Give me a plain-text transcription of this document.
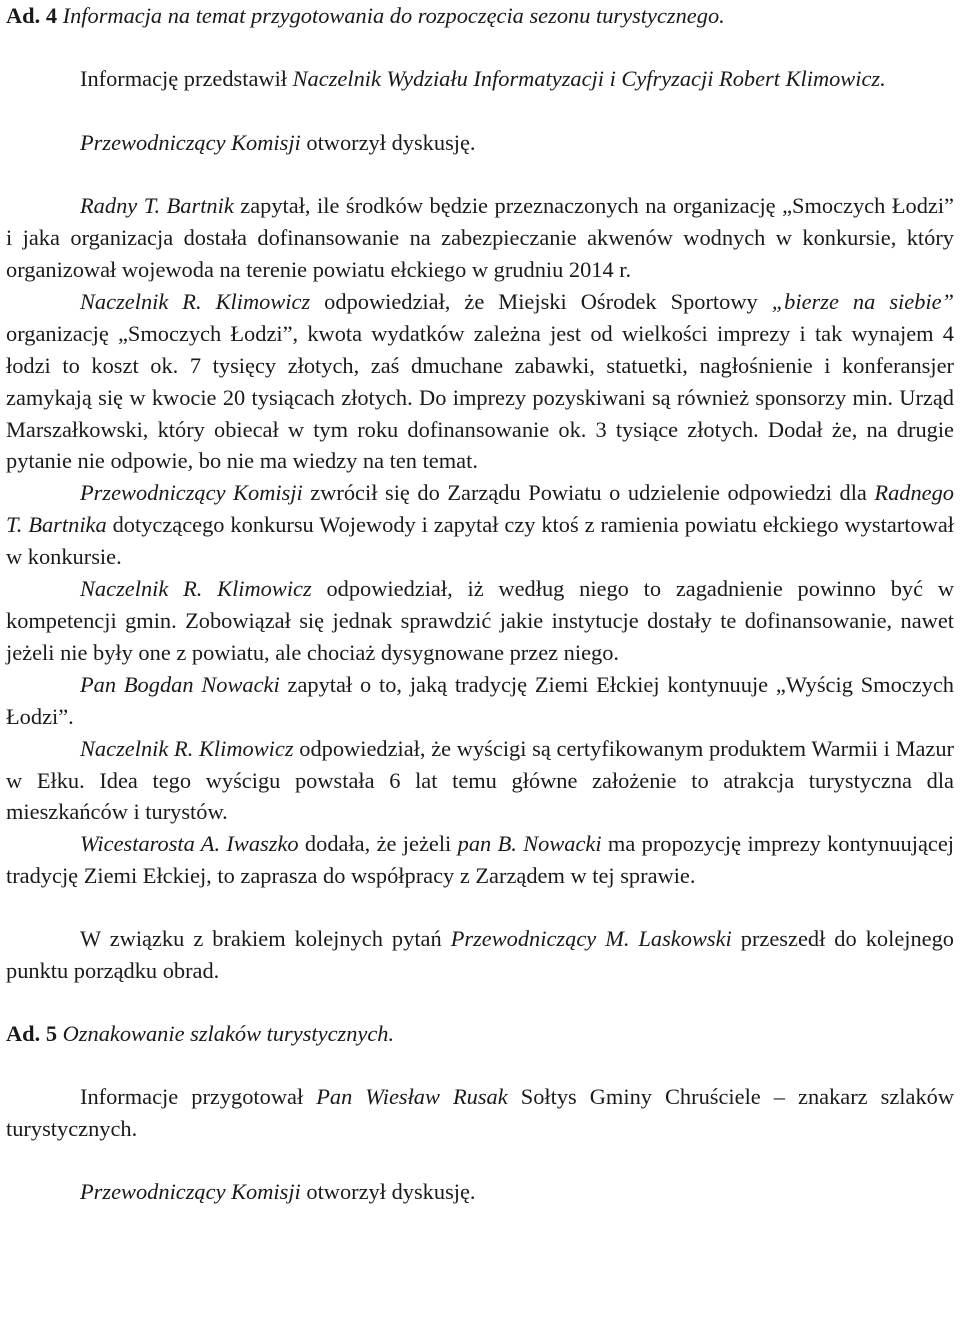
Ad. 4 Informacja na temat przygotowania do rozpoczęcia sezonu turystycznego.

Informację przedstawił Naczelnik Wydziału Informatyzacji i Cyfryzacji Robert Klimowicz.

Przewodniczący Komisji otworzył dyskusję.

Radny T. Bartnik zapytał, ile środków będzie przeznaczonych na organizację „Smoczych Łodzi” i jaka organizacja dostała dofinansowanie na zabezpieczanie akwenów wodnych w konkursie, który organizował wojewoda na terenie powiatu ełckiego w grudniu 2014 r.

Naczelnik R. Klimowicz odpowiedział, że Miejski Ośrodek Sportowy „bierze na siebie” organizację „Smoczych Łodzi”, kwota wydatków zależna jest od wielkości imprezy i tak wynajem 4 łodzi to koszt ok. 7 tysięcy złotych, zaś dmuchane zabawki, statuetki, nagłośnienie i konferansjer zamykają się w kwocie 20 tysiącach złotych. Do imprezy pozyskiwani są również sponsorzy min. Urząd Marszałkowski, który obiecał w tym roku dofinansowanie ok. 3 tysiące złotych. Dodał że, na drugie pytanie nie odpowie, bo nie ma wiedzy na ten temat.

Przewodniczący Komisji zwrócił się do Zarządu Powiatu o udzielenie odpowiedzi dla Radnego T. Bartnika dotyczącego konkursu Wojewody i zapytał czy ktoś z ramienia powiatu ełckiego wystartował w konkursie.

Naczelnik R. Klimowicz odpowiedział, iż według niego to zagadnienie powinno być w kompetencji gmin. Zobowiązał się jednak sprawdzić jakie instytucje dostały te dofinansowanie, nawet jeżeli nie były one z powiatu, ale chociaż dysygnowane przez niego.

Pan Bogdan Nowacki zapytał o to, jaką tradycję Ziemi Ełckiej kontynuuje „Wyścig Smoczych Łodzi”.

Naczelnik R. Klimowicz odpowiedział, że wyścigi są certyfikowanym produktem Warmii i Mazur w Ełku. Idea tego wyścigu powstała 6 lat temu główne założenie to atrakcja turystyczna dla mieszkańców i turystów.

Wicestarosta A. Iwaszko dodała, że jeżeli pan B. Nowacki ma propozycję imprezy kontynuującej tradycję Ziemi Ełckiej, to zaprasza do współpracy z Zarządem w tej sprawie.

W związku z brakiem kolejnych pytań Przewodniczący M. Laskowski przeszedł do kolejnego punktu porządku obrad.

Ad. 5 Oznakowanie szlaków turystycznych.

Informacje przygotował Pan Wiesław Rusak Sołtys Gminy Chruściele – znakarz szlaków turystycznych.

Przewodniczący Komisji otworzył dyskusję.
